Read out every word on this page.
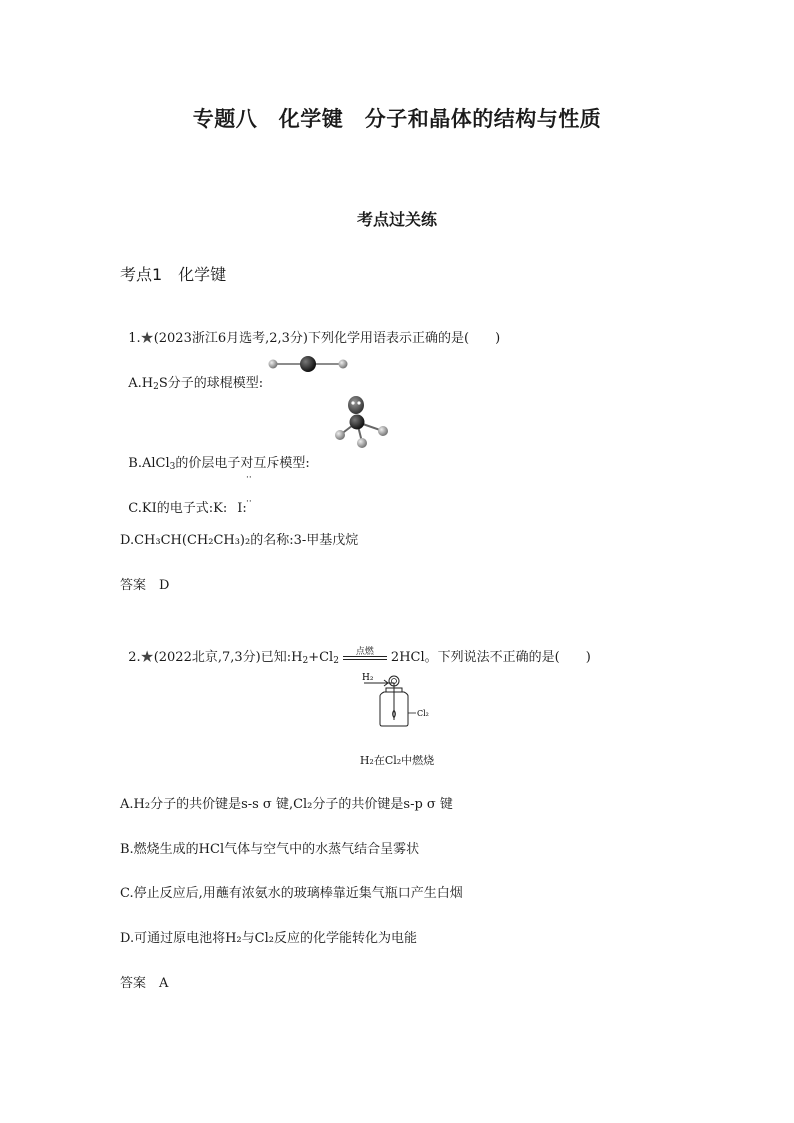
专题八　化学键　分子和晶体的结构与性质
考点过关练
考点1　化学键

1.★(2023浙江6月选考,2,3分)下列化学用语表示正确的是(　　)

$A.H_2S$分子的球棍模型:

B.AlCl$_3$的价层电子对互斥模型:

C.KI的电子式:K: I:

··
··
D.CH₃CH(CH₂CH₃)₂的名称:3-甲基戊烷
答案　D

2.★(2022北京,7,3分)已知$:H_2+Cl_2$
点燃	2HCl。下列说法不正确的是(　　)

H₂
Cl₂
H₂在Cl₂中燃烧
A.H₂分子的共价键是s-s σ 键,Cl₂分子的共价键是s-p σ 键
B.燃烧生成的HCl气体与空气中的水蒸气结合呈雾状
C.停止反应后,用蘸有浓氨水的玻璃棒靠近集气瓶口产生白烟
D.可通过原电池将H₂与Cl₂反应的化学能转化为电能
答案　A
